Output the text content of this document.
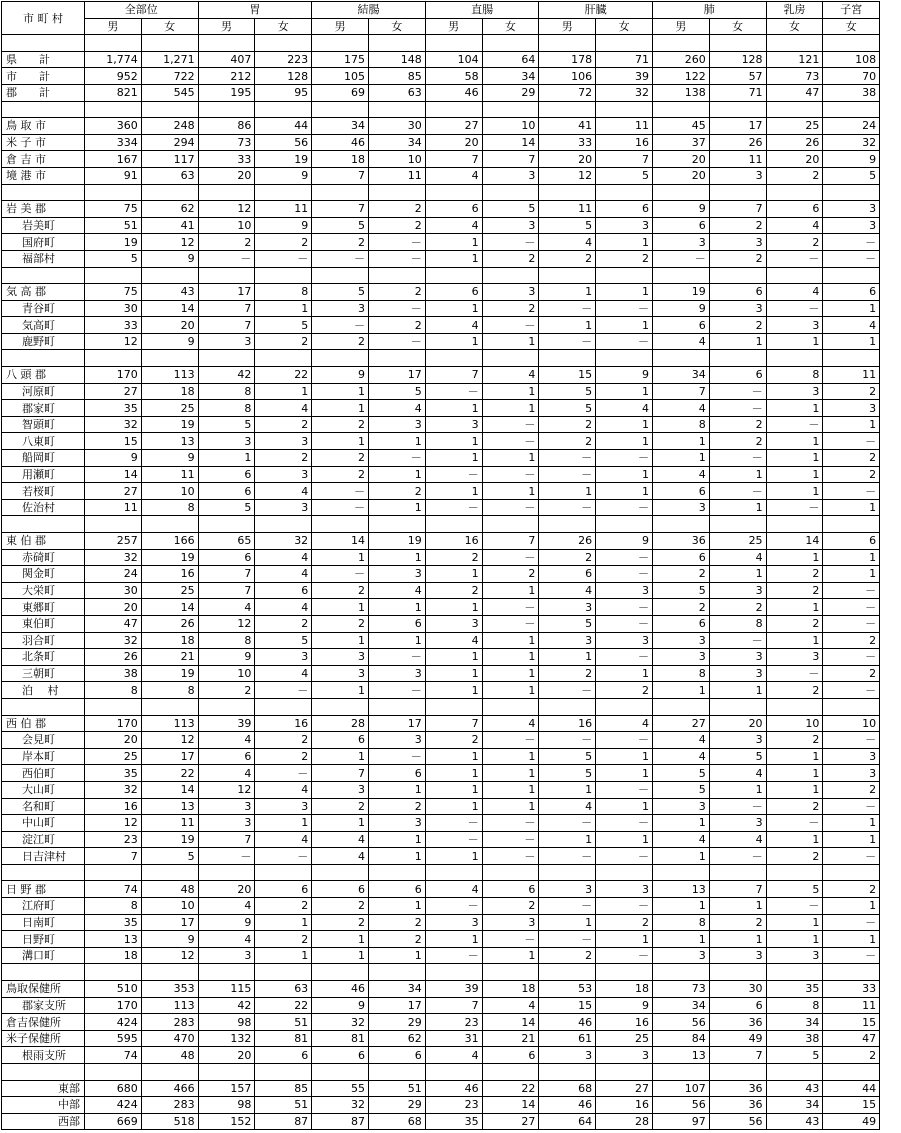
市 町 村	全部位		胃		結腸		直腸		肝臓		肺		乳房	子宮
	男	女	男	女	男	女	男	女	男	女	男	女	女	女

県　　計	1,774	1,271	407	223	175	148	104	64	178	71	260	128	121	108
市　　計	952	722	212	128	105	85	58	34	106	39	122	57	73	70
郡　　計	821	545	195	95	69	63	46	29	72	32	138	71	47	38

鳥 取 市	360	248	86	44	34	30	27	10	41	11	45	17	25	24
米 子 市	334	294	73	56	46	34	20	14	33	16	37	26	26	32
倉 吉 市	167	117	33	19	18	10	7	7	20	7	20	11	20	9
境 港 市	91	63	20	9	7	11	4	3	12	5	20	3	2	5

岩 美 郡	75	62	12	11	7	2	6	5	11	6	9	7	6	3
岩美町	51	41	10	9	5	2	4	3	5	3	6	2	4	3
国府町	19	12	2	2	2	－	1	－	4	1	3	3	2	－
福部村	5	9	－	－	－	－	1	2	2	2	－	2	－	－

気 高 郡	75	43	17	8	5	2	6	3	1	1	19	6	4	6
青谷町	30	14	7	1	3	－	1	2	－	－	9	3	－	1
気高町	33	20	7	5	－	2	4	－	1	1	6	2	3	4
鹿野町	12	9	3	2	2	－	1	1	－	－	4	1	1	1

八 頭 郡	170	113	42	22	9	17	7	4	15	9	34	6	8	11
河原町	27	18	8	1	1	5	－	1	5	1	7	－	3	2
郡家町	35	25	8	4	1	4	1	1	5	4	4	－	1	3
智頭町	32	19	5	2	2	3	3	－	2	1	8	2	－	1
八東町	15	13	3	3	1	1	1	－	2	1	1	2	1	－
船岡町	9	9	1	2	2	－	1	1	－	－	1	－	1	2
用瀬町	14	11	6	3	2	1	－	－	－	1	4	1	1	2
若桜町	27	10	6	4	－	2	1	1	1	1	6	－	1	－
佐治村	11	8	5	3	－	1	－	－	－	－	3	1	－	1

東 伯 郡	257	166	65	32	14	19	16	7	26	9	36	25	14	6
赤碕町	32	19	6	4	1	1	2	－	2	－	6	4	1	1
関金町	24	16	7	4	－	3	1	2	6	－	2	1	2	1
大栄町	30	25	7	6	2	4	2	1	4	3	5	3	2	－
東郷町	20	14	4	4	1	1	1	－	3	－	2	2	1	－
東伯町	47	26	12	2	2	6	3	－	5	－	6	8	2	－
羽合町	32	18	8	5	1	1	4	1	3	3	3	－	1	2
北条町	26	21	9	3	3	－	1	1	1	－	3	3	3	－
三朝町	38	19	10	4	3	3	1	1	2	1	8	3	－	2
泊　 村	8	8	2	－	1	－	1	1	－	2	1	1	2	－

西 伯 郡	170	113	39	16	28	17	7	4	16	4	27	20	10	10
会見町	20	12	4	2	6	3	2	－	－	－	4	3	2	－
岸本町	25	17	6	2	1	－	1	1	5	1	4	5	1	3
西伯町	35	22	4	－	7	6	1	1	5	1	5	4	1	3
大山町	32	14	12	4	3	1	1	1	1	－	5	1	1	2
名和町	16	13	3	3	2	2	1	1	4	1	3	－	2	－
中山町	12	11	3	1	1	3	－	－	－	－	1	3	－	1
淀江町	23	19	7	4	4	1	－	－	1	1	4	4	1	1
日吉津村	7	5	－	－	4	1	1	－	－	－	1	－	2	－

日 野 郡	74	48	20	6	6	6	4	6	3	3	13	7	5	2
江府町	8	10	4	2	2	1	－	2	－	－	1	1	－	1
日南町	35	17	9	1	2	2	3	3	1	2	8	2	1	－
日野町	13	9	4	2	1	2	1	－	－	1	1	1	1	1
溝口町	18	12	3	1	1	1	－	1	2	－	3	3	3	－

鳥取保健所	510	353	115	63	46	34	39	18	53	18	73	30	35	33
郡家支所	170	113	42	22	9	17	7	4	15	9	34	6	8	11
倉吉保健所	424	283	98	51	32	29	23	14	46	16	56	36	34	15
米子保健所	595	470	132	81	81	62	31	21	61	25	84	49	38	47
根雨支所	74	48	20	6	6	6	4	6	3	3	13	7	5	2

東部	680	466	157	85	55	51	46	22	68	27	107	36	43	44
中部	424	283	98	51	32	29	23	14	46	16	56	36	34	15
西部	669	518	152	87	87	68	35	27	64	28	97	56	43	49
